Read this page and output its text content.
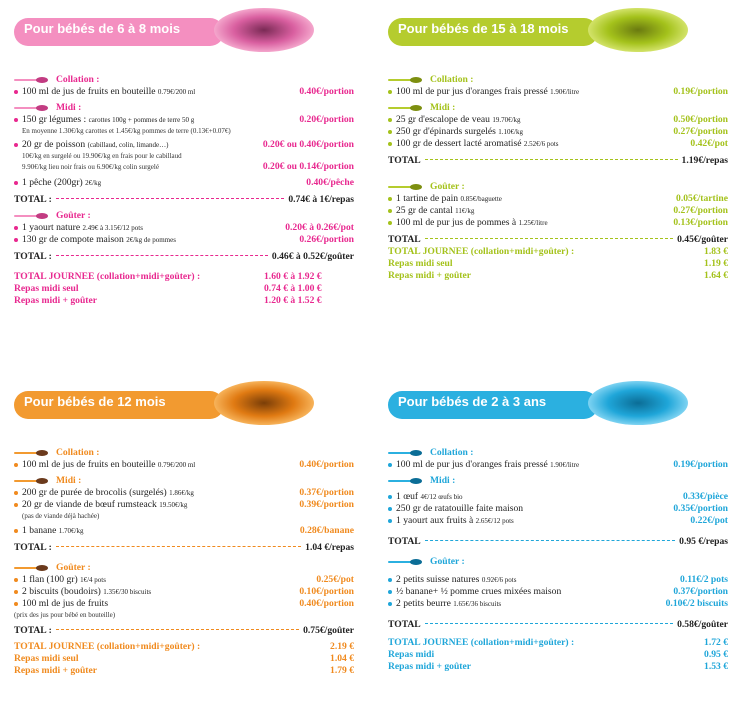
Pour bébés de 6 à 8 mois
Collation :
100 ml de jus de fruits en bouteille 0.79€/200 ml	0.40€/portion
Midi :
150 gr légumes : carottes 100g + pommes de terre 50 g	0.20€/portion
En moyenne 1.30€/kg carottes et 1.45€/kg pommes de terre (0.13€+0.07€)
20 gr de poisson (cabillaud, colin, limande…)	0.20€ ou 0.40€/portion
10€/kg en surgelé ou 19.90€/kg en frais pour le cabillaud
9.90€/kg lieu noir frais ou 6.90€/kg colin surgelé	0.20€ ou 0.14€/portion
1 pêche (200gr) 2€/kg	0.40€/pêche
TOTAL :	0.74€ à 1€/repas
Goûter :
1 yaourt nature 2.49€ à 3.15€/12 pots	0.20€ à 0.26€/pot
130 gr de compote maison 2€/kg de pommes	0.26€/portion
TOTAL :	0.46€ à 0.52€/goûter
TOTAL JOURNEE (collation+midi+goûter) :	1.60 € à 1.92 €
Repas midi seul	0.74 € à 1.00 €
Repas midi + goûter	1.20 € à 1.52 €
Pour bébés de 15 à 18 mois
Collation :
100 ml de pur jus d'oranges frais pressé 1.90€/litre	0.19€/portion
Midi :
25 gr d'escalope de veau 19.70€/kg	0.50€/portion
250 gr d'épinards surgelés 1.10€/kg	0.27€/portion
100 gr de dessert lacté aromatisé 2.52€/6 pots	0.42€/pot
TOTAL	1.19€/repas
Goûter :
1 tartine de pain 0.85€/baguette	0.05€/tartine
25 gr de cantal 11€/kg	0.27€/portion
100 ml de pur jus de pommes à 1.25€/litre	0.13€/portion
TOTAL	0.45€/goûter
TOTAL JOURNEE (collation+midi+goûter) :	1.83 €
Repas midi seul	1.19 €
Repas midi + goûter	1.64 €
Pour bébés de 12 mois
Collation :
100 ml de jus de fruits en bouteille 0.79€/200 ml	0.40€/portion
Midi :
200 gr de purée de brocolis (surgelés) 1.86€/kg	0.37€/portion
20 gr de viande de bœuf rumsteack 19.50€/kg	0.39€/portion
(pas de viande déjà hachée)
1 banane 1.70€/kg	0.28€/banane
TOTAL :	1.04 €/repas
Goûter :
1 flan (100 gr) 1€/4 pots	0.25€/pot
2 biscuits (boudoirs) 1.35€/30 biscuits	0.10€/portion
100 ml de jus de fruits	0.40€/portion
(prix des jus pour bébé en bouteille)
TOTAL :	0.75€/goûter
TOTAL JOURNEE (collation+midi+goûter) :	2.19 €
Repas midi seul	1.04 €
Repas midi + goûter	1.79 €
Pour bébés de 2 à 3 ans
Collation :
100 ml de pur jus d'oranges frais pressé 1.90€/litre	0.19€/portion
Midi :
1 œuf 4€/12 œufs bio	0.33€/pièce
250 gr de ratatouille faite maison	0.35€/portion
1 yaourt aux fruits à 2.65€/12 pots	0.22€/pot
TOTAL	0.95 €/repas
Goûter :
2 petits suisse natures 0.92€/6 pots	0.11€/2 pots
½ banane+ ½ pomme crues mixées maison	0.37€/portion
2 petits beurre 1.65€/36 biscuits	0.10€/2 biscuits
TOTAL	0.58€/goûter
TOTAL JOURNEE (collation+midi+goûter) :	1.72 €
Repas midi	0.95 €
Repas midi + goûter	1.53 €
